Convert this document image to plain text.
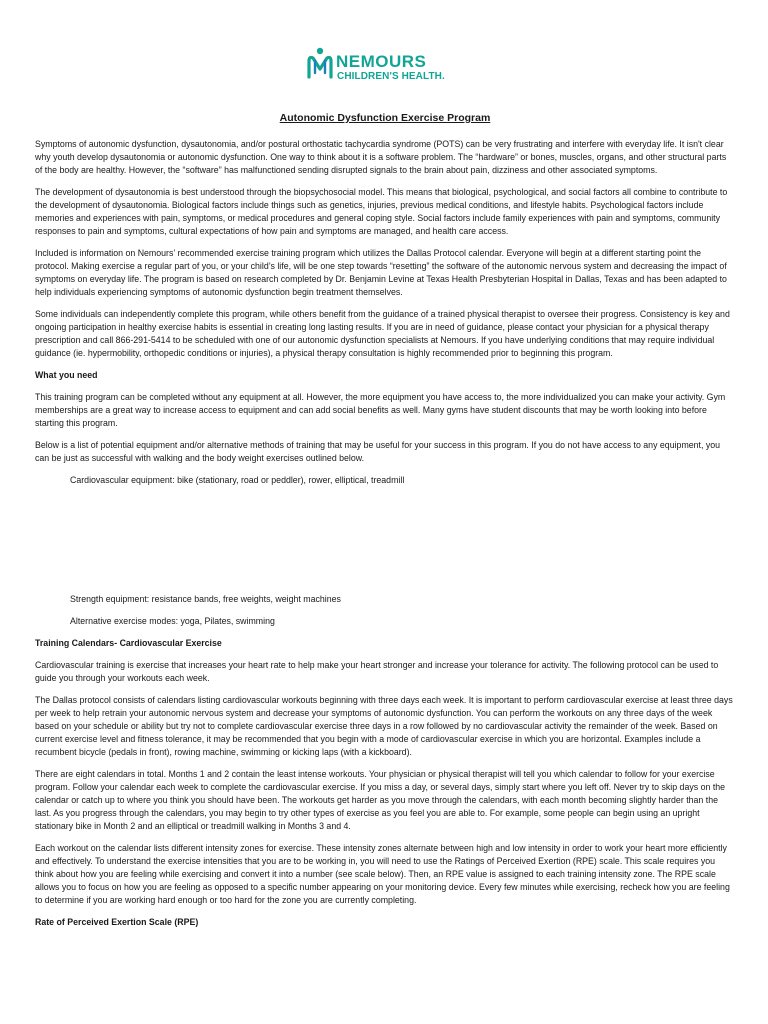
NEMOURS
CHILDREN'S HEALTH.
Autonomic Dysfunction Exercise Program

Symptoms of autonomic dysfunction, dysautonomia, and/or postural orthostatic tachycardia syndrome (POTS) can be very frustrating and interfere with everyday life. It isn't clear why youth develop dysautonomia or autonomic dysfunction. One way to think about it is a software problem. The “hardware” or bones, muscles, organs, and other structural parts of the body are healthy. However, the “software” has malfunctioned sending disrupted signals to the brain about pain, dizziness and other associated symptoms.

The development of dysautonomia is best understood through the biopsychosocial model. This means that biological, psychological, and social factors all combine to contribute to the development of dysautonomia. Biological factors include things such as genetics, injuries, previous medical conditions, and lifestyle habits. Psychological factors include memories and experiences with pain, symptoms, or medical procedures and general coping style. Social factors include family experiences with pain and symptoms, community responses to pain and symptoms, cultural expectations of how pain and symptoms are managed, and health care access.

Included is information on Nemours’ recommended exercise training program which utilizes the Dallas Protocol calendar. Everyone will begin at a different starting point the protocol. Making exercise a regular part of you, or your child’s life, will be one step towards “resetting” the software of the autonomic nervous system and decreasing the impact of symptoms on everyday life. The program is based on research completed by Dr. Benjamin Levine at Texas Health Presbyterian Hospital in Dallas, Texas and has been adapted to help individuals experiencing symptoms of autonomic dysfunction begin treatment themselves.

Some individuals can independently complete this program, while others benefit from the guidance of a trained physical therapist to oversee their progress. Consistency is key and ongoing participation in healthy exercise habits is essential in creating long lasting results. If you are in need of guidance, please contact your physician for a physical therapy prescription and call 866-291-5414 to be scheduled with one of our autonomic dysfunction specialists at Nemours. If you have underlying conditions that may require individual guidance (ie. hypermobility, orthopedic conditions or injuries), a physical therapy consultation is highly recommended prior to beginning this program.

What you need

This training program can be completed without any equipment at all. However, the more equipment you have access to, the more individualized you can make your activity. Gym memberships are a great way to increase access to equipment and can add social benefits as well. Many gyms have student discounts that may be worth looking into before starting this program.

Below is a list of potential equipment and/or alternative methods of training that may be useful for your success in this program. If you do not have access to any equipment, you can be just as successful with walking and the body weight exercises outlined below.

Cardiovascular equipment: bike (stationary, road or peddler), rower, elliptical, treadmill
Strength equipment: resistance bands, free weights, weight machines
Alternative exercise modes: yoga, Pilates, swimming
Training Calendars- Cardiovascular Exercise

Cardiovascular training is exercise that increases your heart rate to help make your heart stronger and increase your tolerance for activity. The following protocol can be used to guide you through your workouts each week.

The Dallas protocol consists of calendars listing cardiovascular workouts beginning with three days each week. It is important to perform cardiovascular exercise at least three days per week to help retrain your autonomic nervous system and decrease your symptoms of autonomic dysfunction. You can perform the workouts on any three days of the week based on your schedule or ability but try not to complete cardiovascular exercise three days in a row followed by no cardiovascular activity the remainder of the week. Based on current exercise level and fitness tolerance, it may be recommended that you begin with a mode of cardiovascular exercise in which you are horizontal. Examples include a recumbent bicycle (pedals in front), rowing machine, swimming or kicking laps (with a kickboard).

There are eight calendars in total. Months 1 and 2 contain the least intense workouts. Your physician or physical therapist will tell you which calendar to follow for your exercise program. Follow your calendar each week to complete the cardiovascular exercise. If you miss a day, or several days, simply start where you left off. Never try to skip days on the calendar or catch up to where you think you should have been. The workouts get harder as you move through the calendars, with each month becoming slightly harder than the last. As you progress through the calendars, you may begin to try other types of exercise as you feel you are able to. For example, some people can begin using an upright stationary bike in Month 2 and an elliptical or treadmill walking in Months 3 and 4.

Each workout on the calendar lists different intensity zones for exercise. These intensity zones alternate between high and low intensity in order to work your heart more efficiently and effectively. To understand the exercise intensities that you are to be working in, you will need to use the Ratings of Perceived Exertion (RPE) scale. This scale requires you think about how you are feeling while exercising and convert it into a number (see scale below). Then, an RPE value is assigned to each training intensity zone. The RPE scale allows you to focus on how you are feeling as opposed to a specific number appearing on your monitoring device. Every few minutes while exercising, recheck how you are feeling to determine if you are working hard enough or too hard for the zone you are currently completing.

Rate of Perceived Exertion Scale (RPE)
